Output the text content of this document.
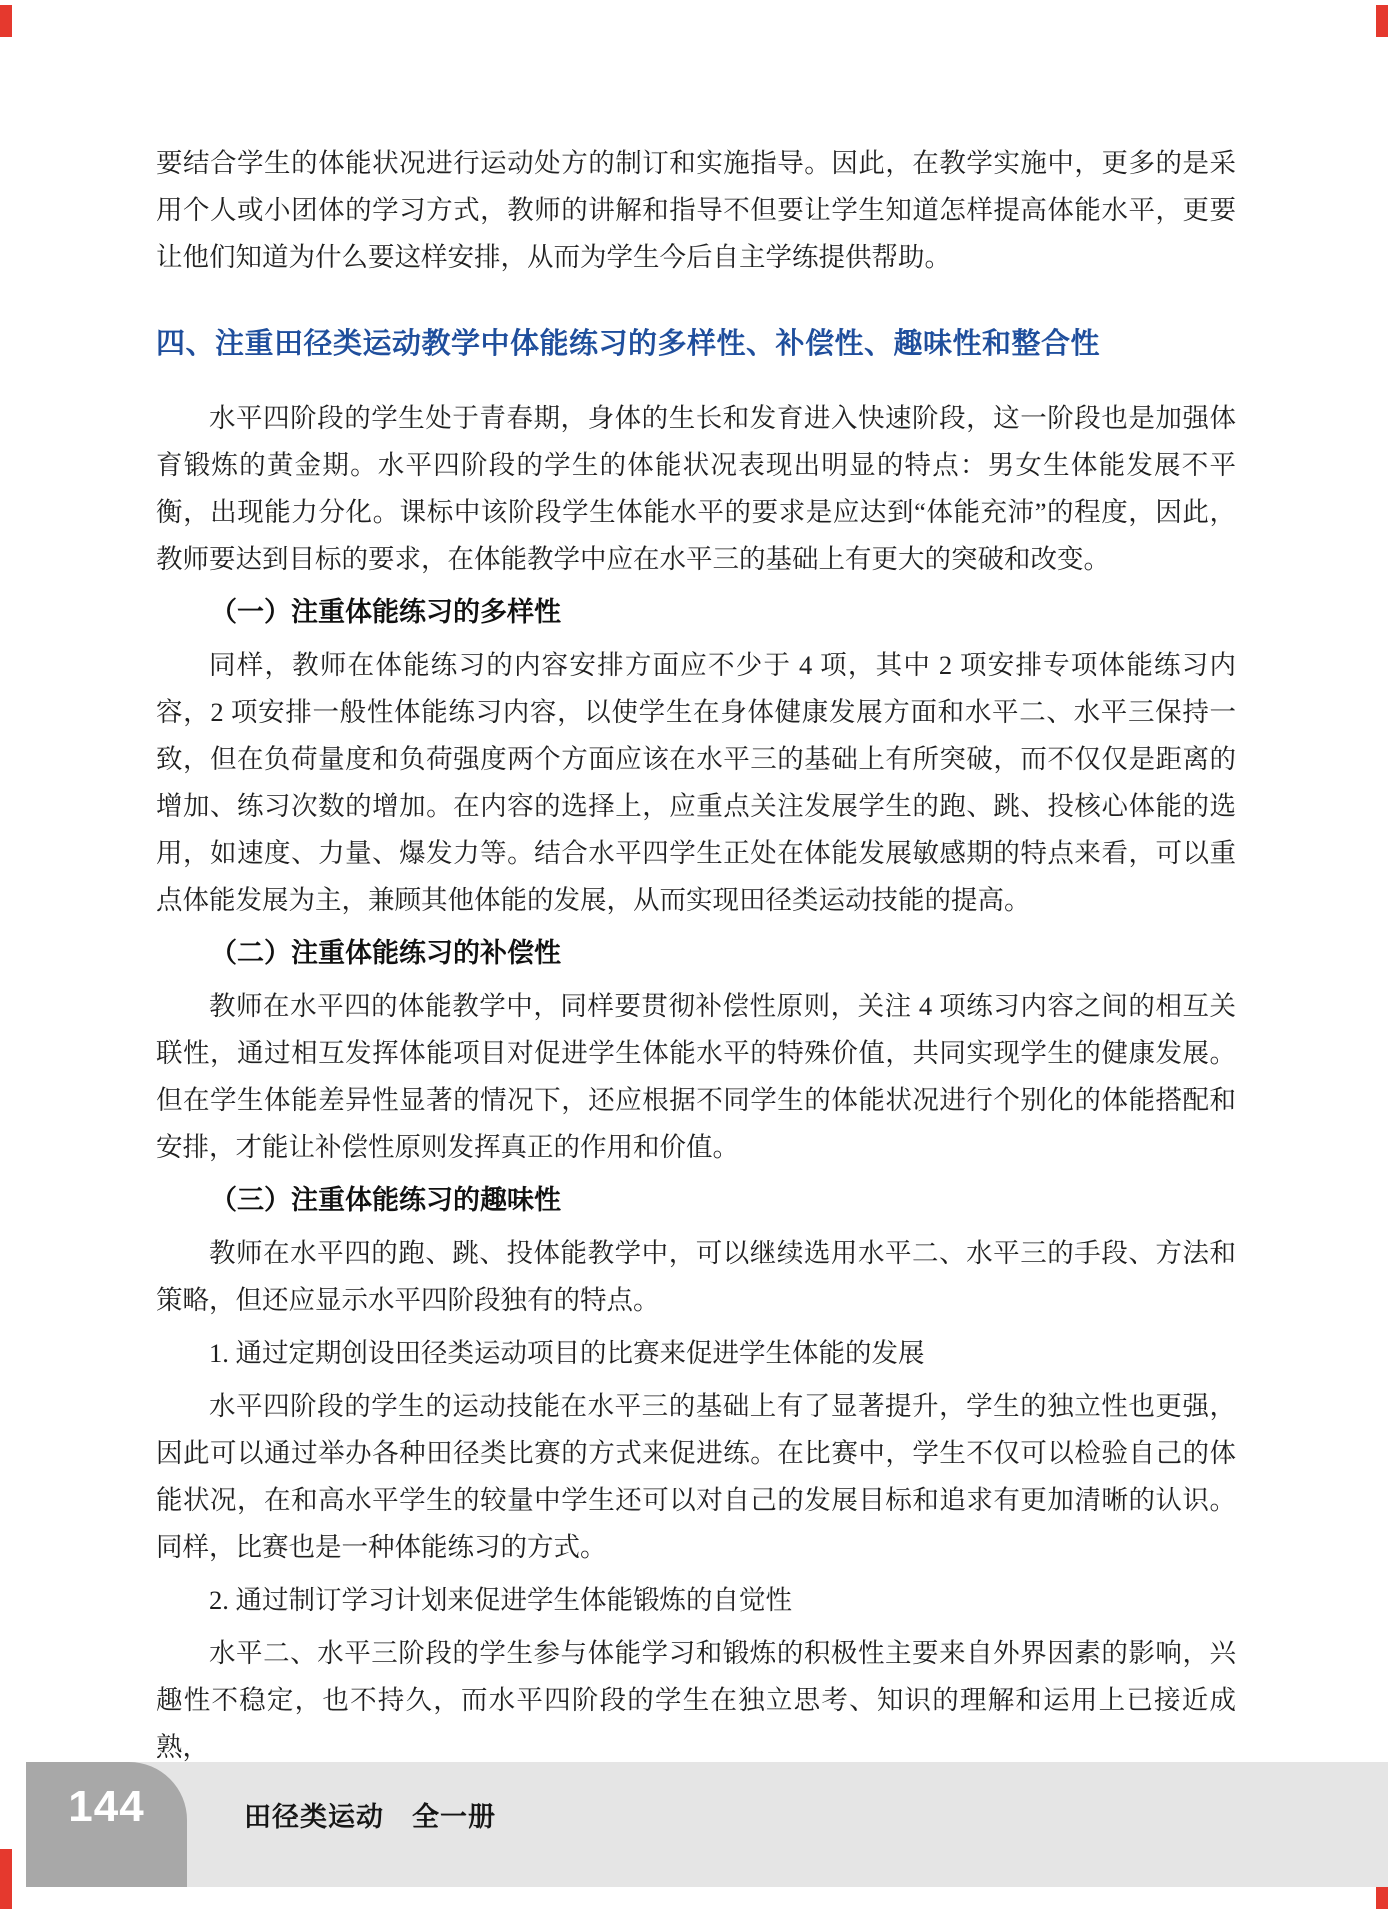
要结合学生的体能状况进行运动处方的制订和实施指导。因此，在教学实施中，更多的是采用个人或小团体的学习方式，教师的讲解和指导不但要让学生知道怎样提高体能水平，更要让他们知道为什么要这样安排，从而为学生今后自主学练提供帮助。

四、注重田径类运动教学中体能练习的多样性、补偿性、趣味性和整合性

水平四阶段的学生处于青春期，身体的生长和发育进入快速阶段，这一阶段也是加强体育锻炼的黄金期。水平四阶段的学生的体能状况表现出明显的特点：男女生体能发展不平衡，出现能力分化。课标中该阶段学生体能水平的要求是应达到“体能充沛”的程度，因此，教师要达到目标的要求，在体能教学中应在水平三的基础上有更大的突破和改变。

（一）注重体能练习的多样性

同样，教师在体能练习的内容安排方面应不少于 4 项，其中 2 项安排专项体能练习内容，2 项安排一般性体能练习内容，以使学生在身体健康发展方面和水平二、水平三保持一致，但在负荷量度和负荷强度两个方面应该在水平三的基础上有所突破，而不仅仅是距离的增加、练习次数的增加。在内容的选择上，应重点关注发展学生的跑、跳、投核心体能的选用，如速度、力量、爆发力等。结合水平四学生正处在体能发展敏感期的特点来看，可以重点体能发展为主，兼顾其他体能的发展，从而实现田径类运动技能的提高。

（二）注重体能练习的补偿性

教师在水平四的体能教学中，同样要贯彻补偿性原则，关注 4 项练习内容之间的相互关联性，通过相互发挥体能项目对促进学生体能水平的特殊价值，共同实现学生的健康发展。但在学生体能差异性显著的情况下，还应根据不同学生的体能状况进行个别化的体能搭配和安排，才能让补偿性原则发挥真正的作用和价值。

（三）注重体能练习的趣味性

教师在水平四的跑、跳、投体能教学中，可以继续选用水平二、水平三的手段、方法和策略，但还应显示水平四阶段独有的特点。

1. 通过定期创设田径类运动项目的比赛来促进学生体能的发展

水平四阶段的学生的运动技能在水平三的基础上有了显著提升，学生的独立性也更强，因此可以通过举办各种田径类比赛的方式来促进练。在比赛中，学生不仅可以检验自己的体能状况，在和高水平学生的较量中学生还可以对自己的发展目标和追求有更加清晰的认识。同样，比赛也是一种体能练习的方式。

2. 通过制订学习计划来促进学生体能锻炼的自觉性

水平二、水平三阶段的学生参与体能学习和锻炼的积极性主要来自外界因素的影响，兴趣性不稳定，也不持久，而水平四阶段的学生在独立思考、知识的理解和运用上已接近成熟，

144	田径类运动　全一册
